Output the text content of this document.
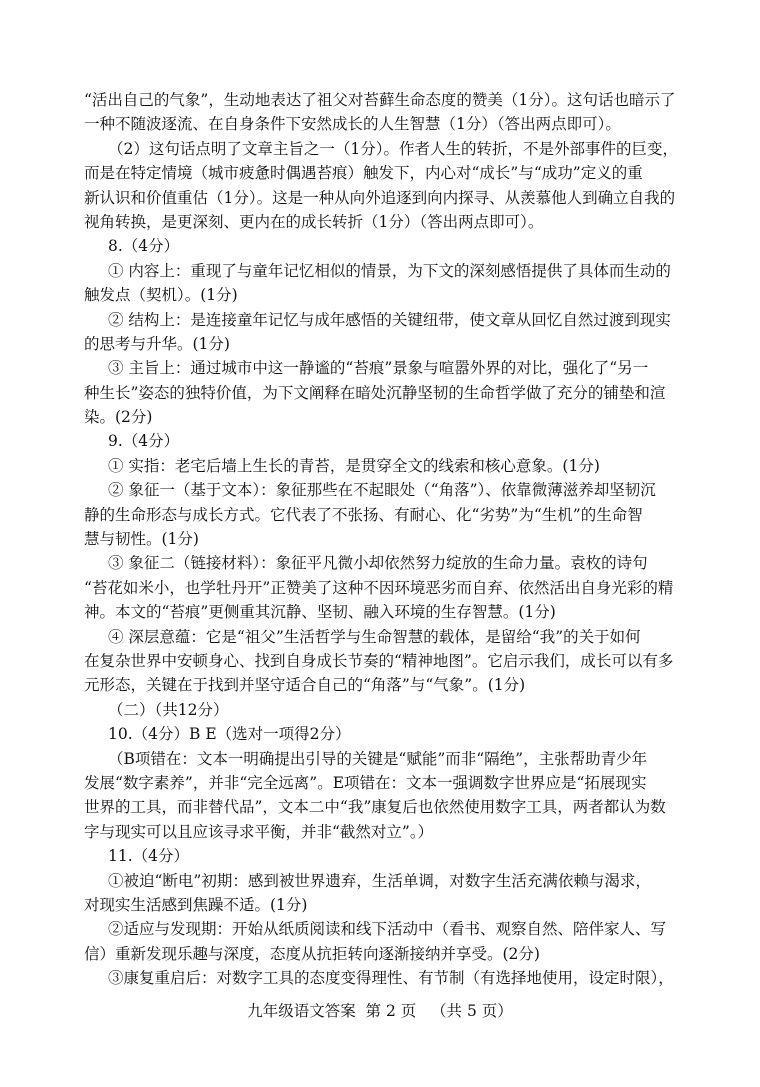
“活出自己的气象”，生动地表达了祖父对苔藓生命态度的赞美（1分）。这句话也暗示了
一种不随波逐流、在自身条件下安然成长的人生智慧（1分）（答出两点即可）。
（2）这句话点明了文章主旨之一（1分）。作者人生的转折，不是外部事件的巨变，
而是在特定情境（城市疲惫时偶遇苔痕）触发下，内心对“成长”与“成功”定义的重
新认识和价值重估（1分）。这是一种从向外追逐到向内探寻、从羡慕他人到确立自我的
视角转换，是更深刻、更内在的成长转折（1分）（答出两点即可）。
8.（4分）
① 内容上：重现了与童年记忆相似的情景，为下文的深刻感悟提供了具体而生动的
触发点（契机）。(1分)
② 结构上：是连接童年记忆与成年感悟的关键纽带，使文章从回忆自然过渡到现实
的思考与升华。(1分)
③ 主旨上：通过城市中这一静谧的“苔痕”景象与喧嚣外界的对比，强化了“另一
种生长”姿态的独特价值，为下文阐释在暗处沉静坚韧的生命哲学做了充分的铺垫和渲
染。(2分)
9.（4分）
① 实指：老宅后墙上生长的青苔，是贯穿全文的线索和核心意象。(1分)
② 象征一（基于文本）：象征那些在不起眼处（“角落”）、依靠微薄滋养却坚韧沉
静的生命形态与成长方式。它代表了不张扬、有耐心、化“劣势”为“生机”的生命智
慧与韧性。(1分)
③ 象征二（链接材料）：象征平凡微小却依然努力绽放的生命力量。袁枚的诗句
“苔花如米小，也学牡丹开”正赞美了这种不因环境恶劣而自弃、依然活出自身光彩的精
神。本文的“苔痕”更侧重其沉静、坚韧、融入环境的生存智慧。(1分)
④ 深层意蕴：它是“祖父”生活哲学与生命智慧的载体，是留给“我”的关于如何
在复杂世界中安顿身心、找到自身成长节奏的“精神地图”。它启示我们，成长可以有多
元形态，关键在于找到并坚守适合自己的“角落”与“气象”。(1分)
（二）（共12分）
10.（4分）B E（选对一项得2分）
（B项错在：文本一明确提出引导的关键是“赋能”而非“隔绝”，主张帮助青少年
发展“数字素养”，并非“完全远离”。E项错在：文本一强调数字世界应是“拓展现实
世界的工具，而非替代品”，文本二中“我”康复后也依然使用数字工具，两者都认为数
字与现实可以且应该寻求平衡，并非“截然对立”。）
11.（4分）
①被迫“断电”初期：感到被世界遗弃，生活单调，对数字生活充满依赖与渴求，
对现实生活感到焦躁不适。(1分)
②适应与发现期：开始从纸质阅读和线下活动中（看书、观察自然、陪伴家人、写
信）重新发现乐趣与深度，态度从抗拒转向逐渐接纳并享受。(2分)
③康复重启后：对数字工具的态度变得理性、有节制（有选择地使用，设定时限），
九年级语文答案  第 2 页   （共 5 页）
